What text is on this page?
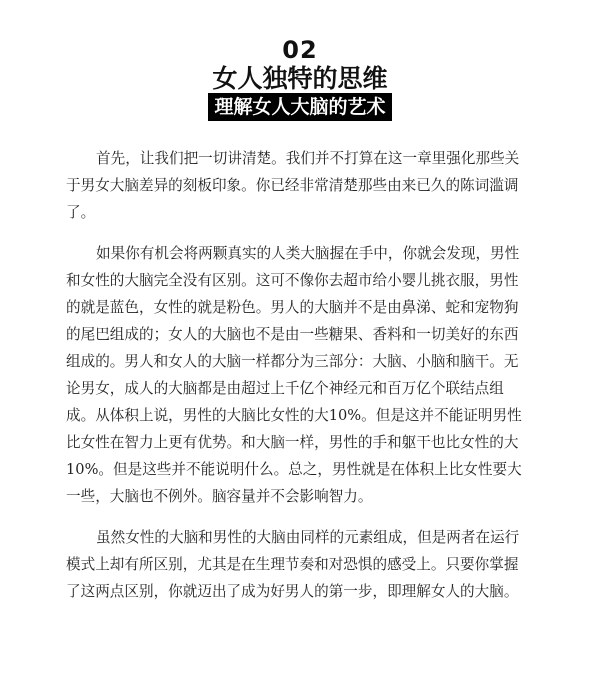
02
女人独特的思维
理解女人大脑的艺术
首先，让我们把一切讲清楚。我们并不打算在这一章里强化那些关
于男女大脑差异的刻板印象。你已经非常清楚那些由来已久的陈词滥调
了。
如果你有机会将两颗真实的人类大脑握在手中，你就会发现，男性
和女性的大脑完全没有区别。这可不像你去超市给小婴儿挑衣服，男性
的就是蓝色，女性的就是粉色。男人的大脑并不是由鼻涕、蛇和宠物狗
的尾巴组成的；女人的大脑也不是由一些糖果、香料和一切美好的东西
组成的。男人和女人的大脑一样都分为三部分：大脑、小脑和脑干。无
论男女，成人的大脑都是由超过上千亿个神经元和百万亿个联结点组
成。从体积上说，男性的大脑比女性的大10%。但是这并不能证明男性
比女性在智力上更有优势。和大脑一样，男性的手和躯干也比女性的大
10%。但是这些并不能说明什么。总之，男性就是在体积上比女性要大
一些，大脑也不例外。脑容量并不会影响智力。
虽然女性的大脑和男性的大脑由同样的元素组成，但是两者在运行
模式上却有所区别，尤其是在生理节奏和对恐惧的感受上。只要你掌握
了这两点区别，你就迈出了成为好男人的第一步，即理解女人的大脑。
